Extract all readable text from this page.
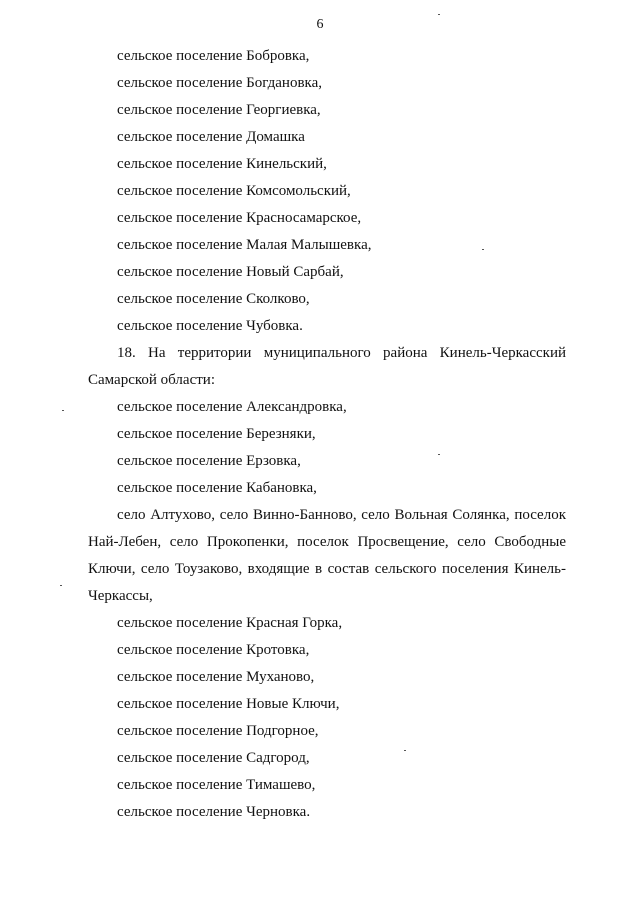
6
сельское поселение Бобровка,
сельское поселение Богдановка,
сельское поселение Георгиевка,
сельское поселение Домашка
сельское поселение Кинельский,
сельское поселение Комсомольский,
сельское поселение Красносамарское,
сельское поселение Малая Малышевка,
сельское поселение Новый Сарбай,
сельское поселение Сколково,
сельское поселение Чубовка.
18. На территории муниципального района Кинель-Черкасский
Самарской области:
сельское поселение Александровка,
сельское поселение Березняки,
сельское поселение Ерзовка,
сельское поселение Кабановка,
село Алтухово, село Винно-Банново, село Вольная Солянка, поселок
Най-Лебен, село Прокопенки, поселок Просвещение, село Свободные
Ключи, село Тоузаково, входящие в состав сельского поселения Кинель-
Черкассы,
сельское поселение Красная Горка,
сельское поселение Кротовка,
сельское поселение Муханово,
сельское поселение Новые Ключи,
сельское поселение Подгорное,
сельское поселение Садгород,
сельское поселение Тимашево,
сельское поселение Черновка.
